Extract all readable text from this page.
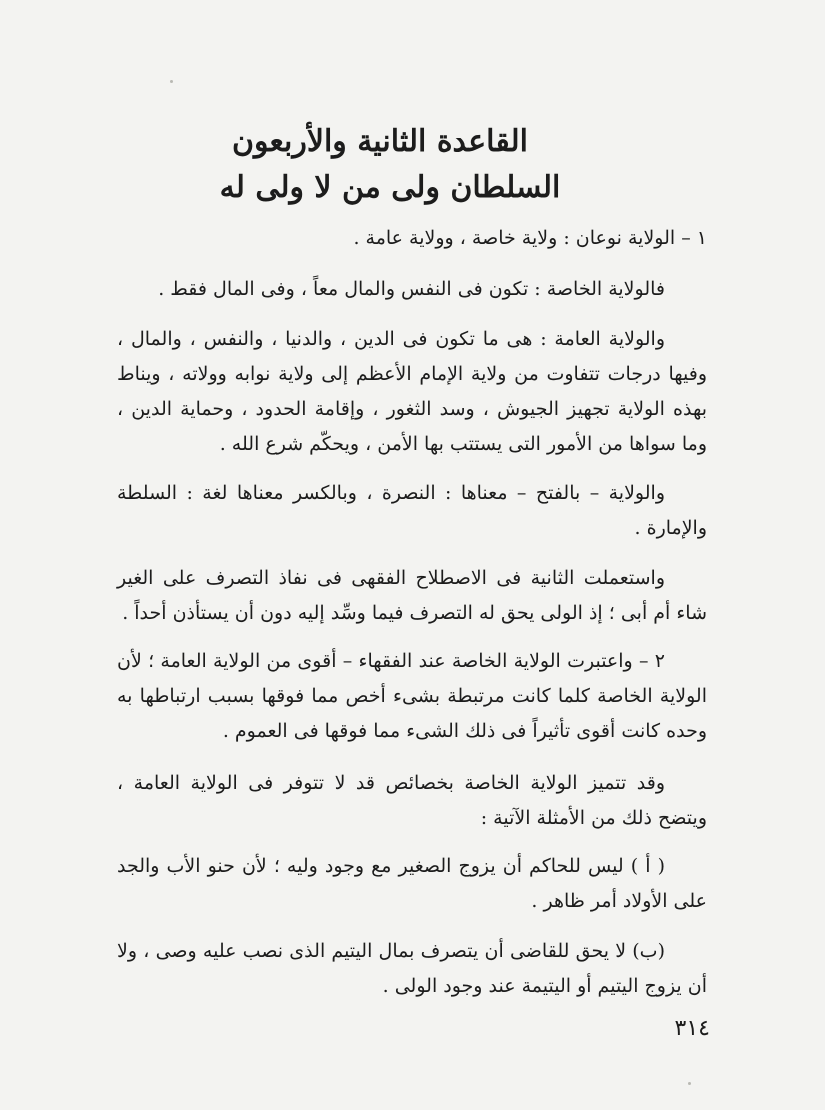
القاعدة الثانية والأربعون
السلطان ولى من لا ولى له

١ – الولاية نوعان : ولاية خاصة ، وولاية عامة .

فالولاية الخاصة : تكون فى النفس والمال معاً ، وفى المال فقط .

والولاية العامة : هى ما تكون فى الدين ، والدنيا ، والنفس ، والمال ، وفيها درجات تتفاوت من ولاية الإمام الأعظم إلى ولاية نوابه وولاته ، ويناط بهذه الولاية تجهيز الجيوش ، وسد الثغور ، وإقامة الحدود ، وحماية الدين ، وما سواها من الأمور التى يستتب بها الأمن ، ويحكّم شرع الله .

والولاية – بالفتح – معناها : النصرة ، وبالكسر معناها لغة : السلطة والإمارة .

واستعملت الثانية فى الاصطلاح الفقهى فى نفاذ التصرف على الغير شاء أم أبى ؛ إذ الولى يحق له التصرف فيما وسِّد إليه دون أن يستأذن أحداً .

٢ – واعتبرت الولاية الخاصة عند الفقهاء – أقوى من الولاية العامة ؛ لأن الولاية الخاصة كلما كانت مرتبطة بشىء أخص مما فوقها بسبب ارتباطها به وحده كانت أقوى تأثيراً فى ذلك الشىء مما فوقها فى العموم .

وقد تتميز الولاية الخاصة بخصائص قد لا تتوفر فى الولاية العامة ، ويتضح ذلك من الأمثلة الآتية :

( أ ) ليس للحاكم أن يزوج الصغير مع وجود وليه ؛ لأن حنو الأب والجد على الأولاد أمر ظاهر .

(ب) لا يحق للقاضى أن يتصرف بمال اليتيم الذى نصب عليه وصى ، ولا أن يزوج اليتيم أو اليتيمة عند وجود الولى .

٣١٤
